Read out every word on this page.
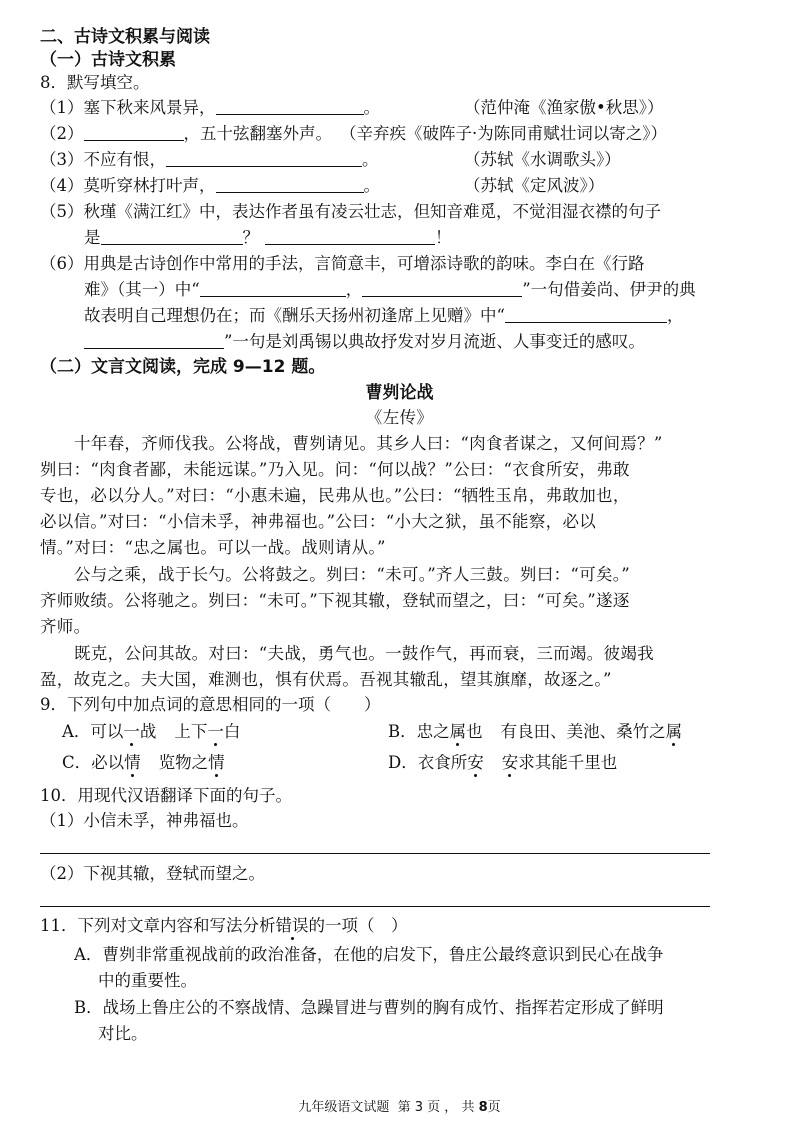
二、古诗文积累与阅读
（一）古诗文积累
8．默写填空。
（1）塞下秋来风景异，	。	（范仲淹《渔家傲•秋思》）
（2）	，五十弦翻塞外声。 （辛弃疾《破阵子·为陈同甫赋壮词以寄之》）
（3）不应有恨，	。	（苏轼《水调歌头》）
（4）莫听穿林打叶声，	。	（苏轼《定风波》）
（5）秋瑾《满江红》中，表达作者虽有凌云壮志，但知音难觅，不觉泪湿衣襟的句子
是	？	！
（6）用典是古诗创作中常用的手法，言简意丰，可增添诗歌的韵味。李白在《行路
难》（其一）中“	，	”一句借姜尚、伊尹的典
故表明自己理想仍在；而《酬乐天扬州初逢席上见赠》中“	，
”一句是刘禹锡以典故抒发对岁月流逝、人事变迁的感叹。
（二）文言文阅读，完成 9—12 题。
曹刿论战
《左传》
十年春，齐师伐我。公将战，曹刿请见。其乡人曰：“肉食者谋之，又何间焉？”
刿曰：“肉食者鄙，未能远谋。”乃入见。问：“何以战？”公曰：“衣食所安，弗敢
专也，必以分人。”对曰：“小惠未遍，民弗从也。”公曰：“牺牲玉帛，弗敢加也，
必以信。”对曰：“小信未孚，神弗福也。”公曰：“小大之狱，虽不能察，必以
情。”对曰：“忠之属也。可以一战。战则请从。”
公与之乘，战于长勺。公将鼓之。刿曰：“未可。”齐人三鼓。刿曰：“可矣。”
齐师败绩。公将驰之。刿曰：“未可。”下视其辙，登轼而望之，曰：“可矣。”遂逐
齐师。
既克，公问其故。对曰：“夫战，勇气也。一鼓作气，再而衰，三而竭。彼竭我
盈，故克之。夫大国，难测也，惧有伏焉。吾视其辙乱，望其旗靡，故逐之。”
9．下列句中加点词的意思相同的一项（　　）
A．可以一战 上下一白	B．忠之属也 有良田、美池、桑竹之属
C．必以情 览物之情	D．衣食所安 安求其能千里也
10．用现代汉语翻译下面的句子。
（1）小信未孚，神弗福也。
（2）下视其辙，登轼而望之。
11．下列对文章内容和写法分析错误的一项（　）
A．曹刿非常重视战前的政治准备，在他的启发下，鲁庄公最终意识到民心在战争
中的重要性。
B．战场上鲁庄公的不察战情、急躁冒进与曹刿的胸有成竹、指挥若定形成了鲜明
对比。
九年级语文试题 第 3 页 ， 共 8页
